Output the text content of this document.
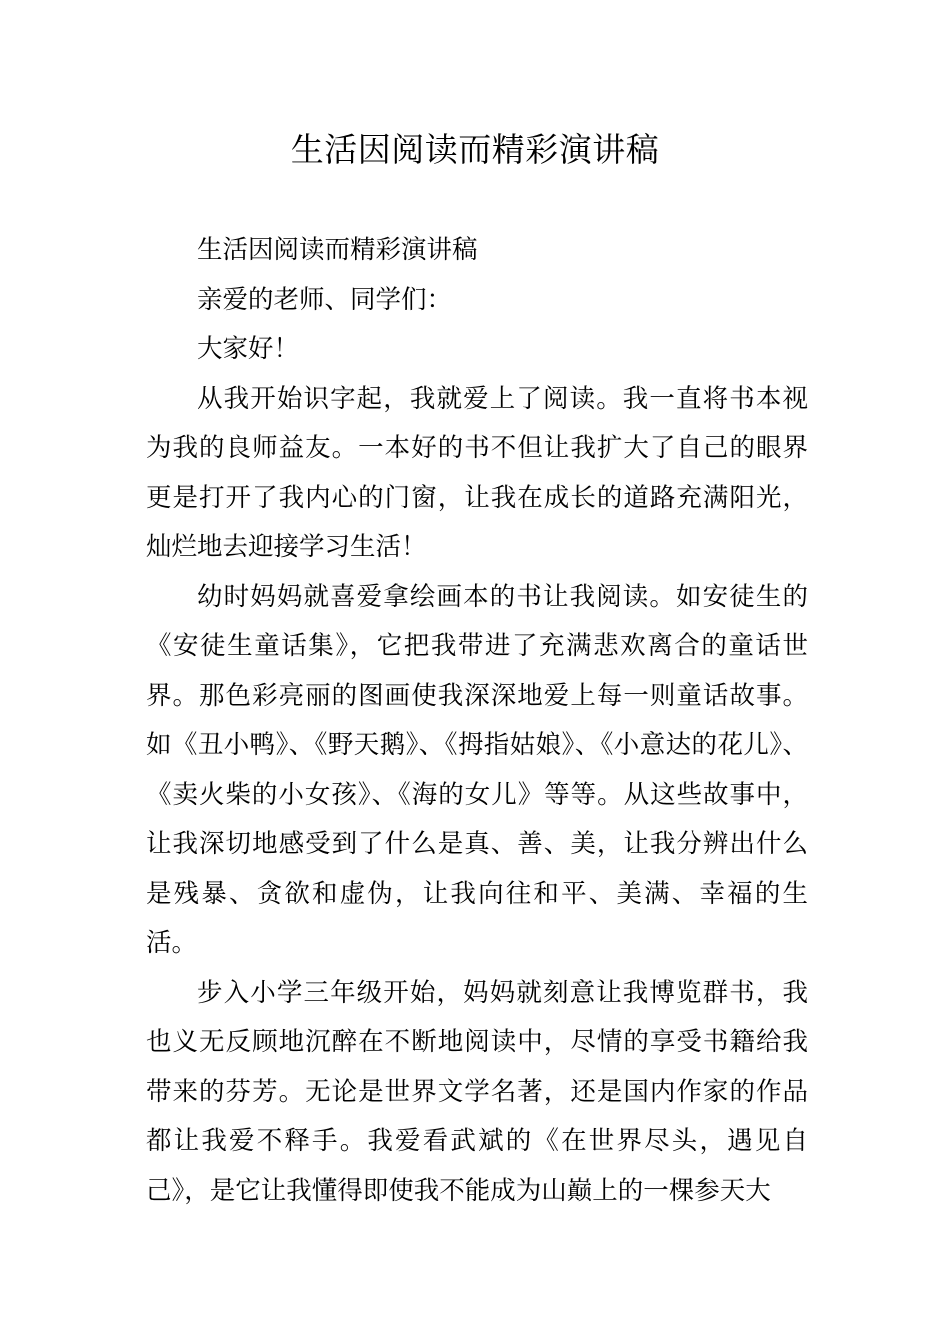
生活因阅读而精彩演讲稿

生活因阅读而精彩演讲稿

亲爱的老师、同学们：

大家好！

从我开始识字起，我就爱上了阅读。我一直将书本视为我的良师益友。一本好的书不但让我扩大了自己的眼界更是打开了我内心的门窗，让我在成长的道路充满阳光，灿烂地去迎接学习生活！

幼时妈妈就喜爱拿绘画本的书让我阅读。如安徒生的《安徒生童话集》，它把我带进了充满悲欢离合的童话世界。那色彩亮丽的图画使我深深地爱上每一则童话故事。如《丑小鸭》、《野天鹅》、《拇指姑娘》、《小意达的花儿》、《卖火柴的小女孩》、《海的女儿》等等。从这些故事中，让我深切地感受到了什么是真、善、美，让我分辨出什么是残暴、贪欲和虚伪，让我向往和平、美满、幸福的生活。

步入小学三年级开始，妈妈就刻意让我博览群书，我也义无反顾地沉醉在不断地阅读中，尽情的享受书籍给我带来的芬芳。无论是世界文学名著，还是国内作家的作品都让我爱不释手。我爱看武斌的《在世界尽头，遇见自己》，是它让我懂得即使我不能成为山巅上的一棵参天大
